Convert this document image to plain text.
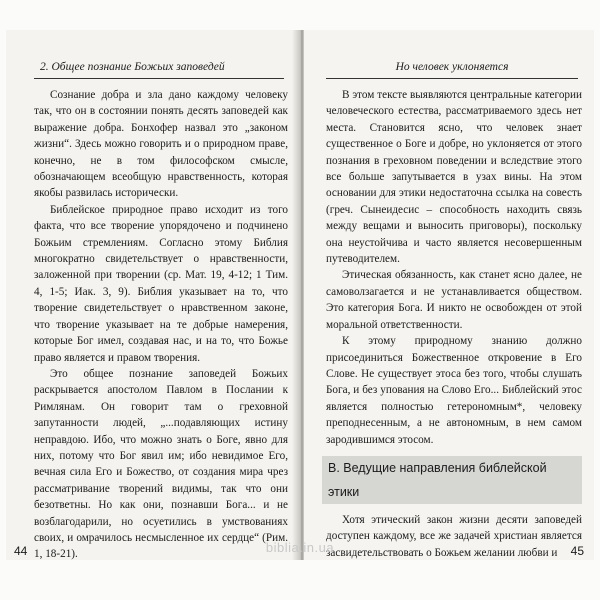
2. Общее познание Божьих заповедей

Сознание добра и зла дано каждому человеку так, что он в состоянии понять десять заповедей как выражение добра. Бонхофер назвал это „законом жизни“. Здесь можно говорить и о природном праве, конечно, не в том философском смысле, обозначающем всеобщую нравственность, которая якобы развилась исторически.

Библейское природное право исходит из того факта, что все творение упорядочено и подчинено Божьим стремлениям. Согласно этому Библия многократно свидетельствует о нравственности, заложенной при творении (ср. Мат. 19, 4-12; 1 Тим. 4, 1-5; Иак. 3, 9). Библия указывает на то, что творение свидетельствует о нравственном законе, что творение указывает на те добрые намерения, которые Бог имел, создавая нас, и на то, что Божье право является и правом творения.

Это общее познание заповедей Божьих раскрывается апостолом Павлом в Послании к Римлянам. Он говорит там о греховной запутанности людей, „...подавляющих истину неправдою. Ибо, что можно знать о Боге, явно для них, потому что Бог явил им; ибо невидимое Его, вечная сила Его и Божество, от создания мира чрез рассматривание творений видимы, так что они безответны. Но как они, познавши Бога... и не возблагодарили, но осуетились в умствованиях своих, и омрачилось несмысленное их сердце“ (Рим. 1, 18-21).

44
Но человек уклоняется

В этом тексте выявляются центральные категории человеческого естества, рассматриваемого здесь нет места. Становится ясно, что человек знает существенное о Боге и добре, но уклоняется от этого познания в греховном поведении и вследствие этого все больше запутывается в узах вины. На этом основании для этики недостаточна ссылка на совесть (греч. Сынеидесис – способность находить связь между вещами и выносить приговоры), поскольку она неустойчива и часто является несовершенным путеводителем.

Этическая обязанность, как станет ясно далее, не самоволзагается и не устанавливается обществом. Это категория Бога. И никто не освобожден от этой моральной ответственности.

К этому природному знанию должно присоединиться Божественное откровение в Его Слове. Не существует этоса без того, чтобы слушать Бога, и без упования на Слово Его... Библейский этос является полностью гетерономным*, человеку преподнесенным, а не автономным, в нем самом зародившимся этосом.

В. Ведущие направления библейской этики

Хотя этический закон жизни десяти заповедей доступен каждому, все же задачей христиан является засвидетельствовать о Божьем желании любви и	45
biblia.in.ua
